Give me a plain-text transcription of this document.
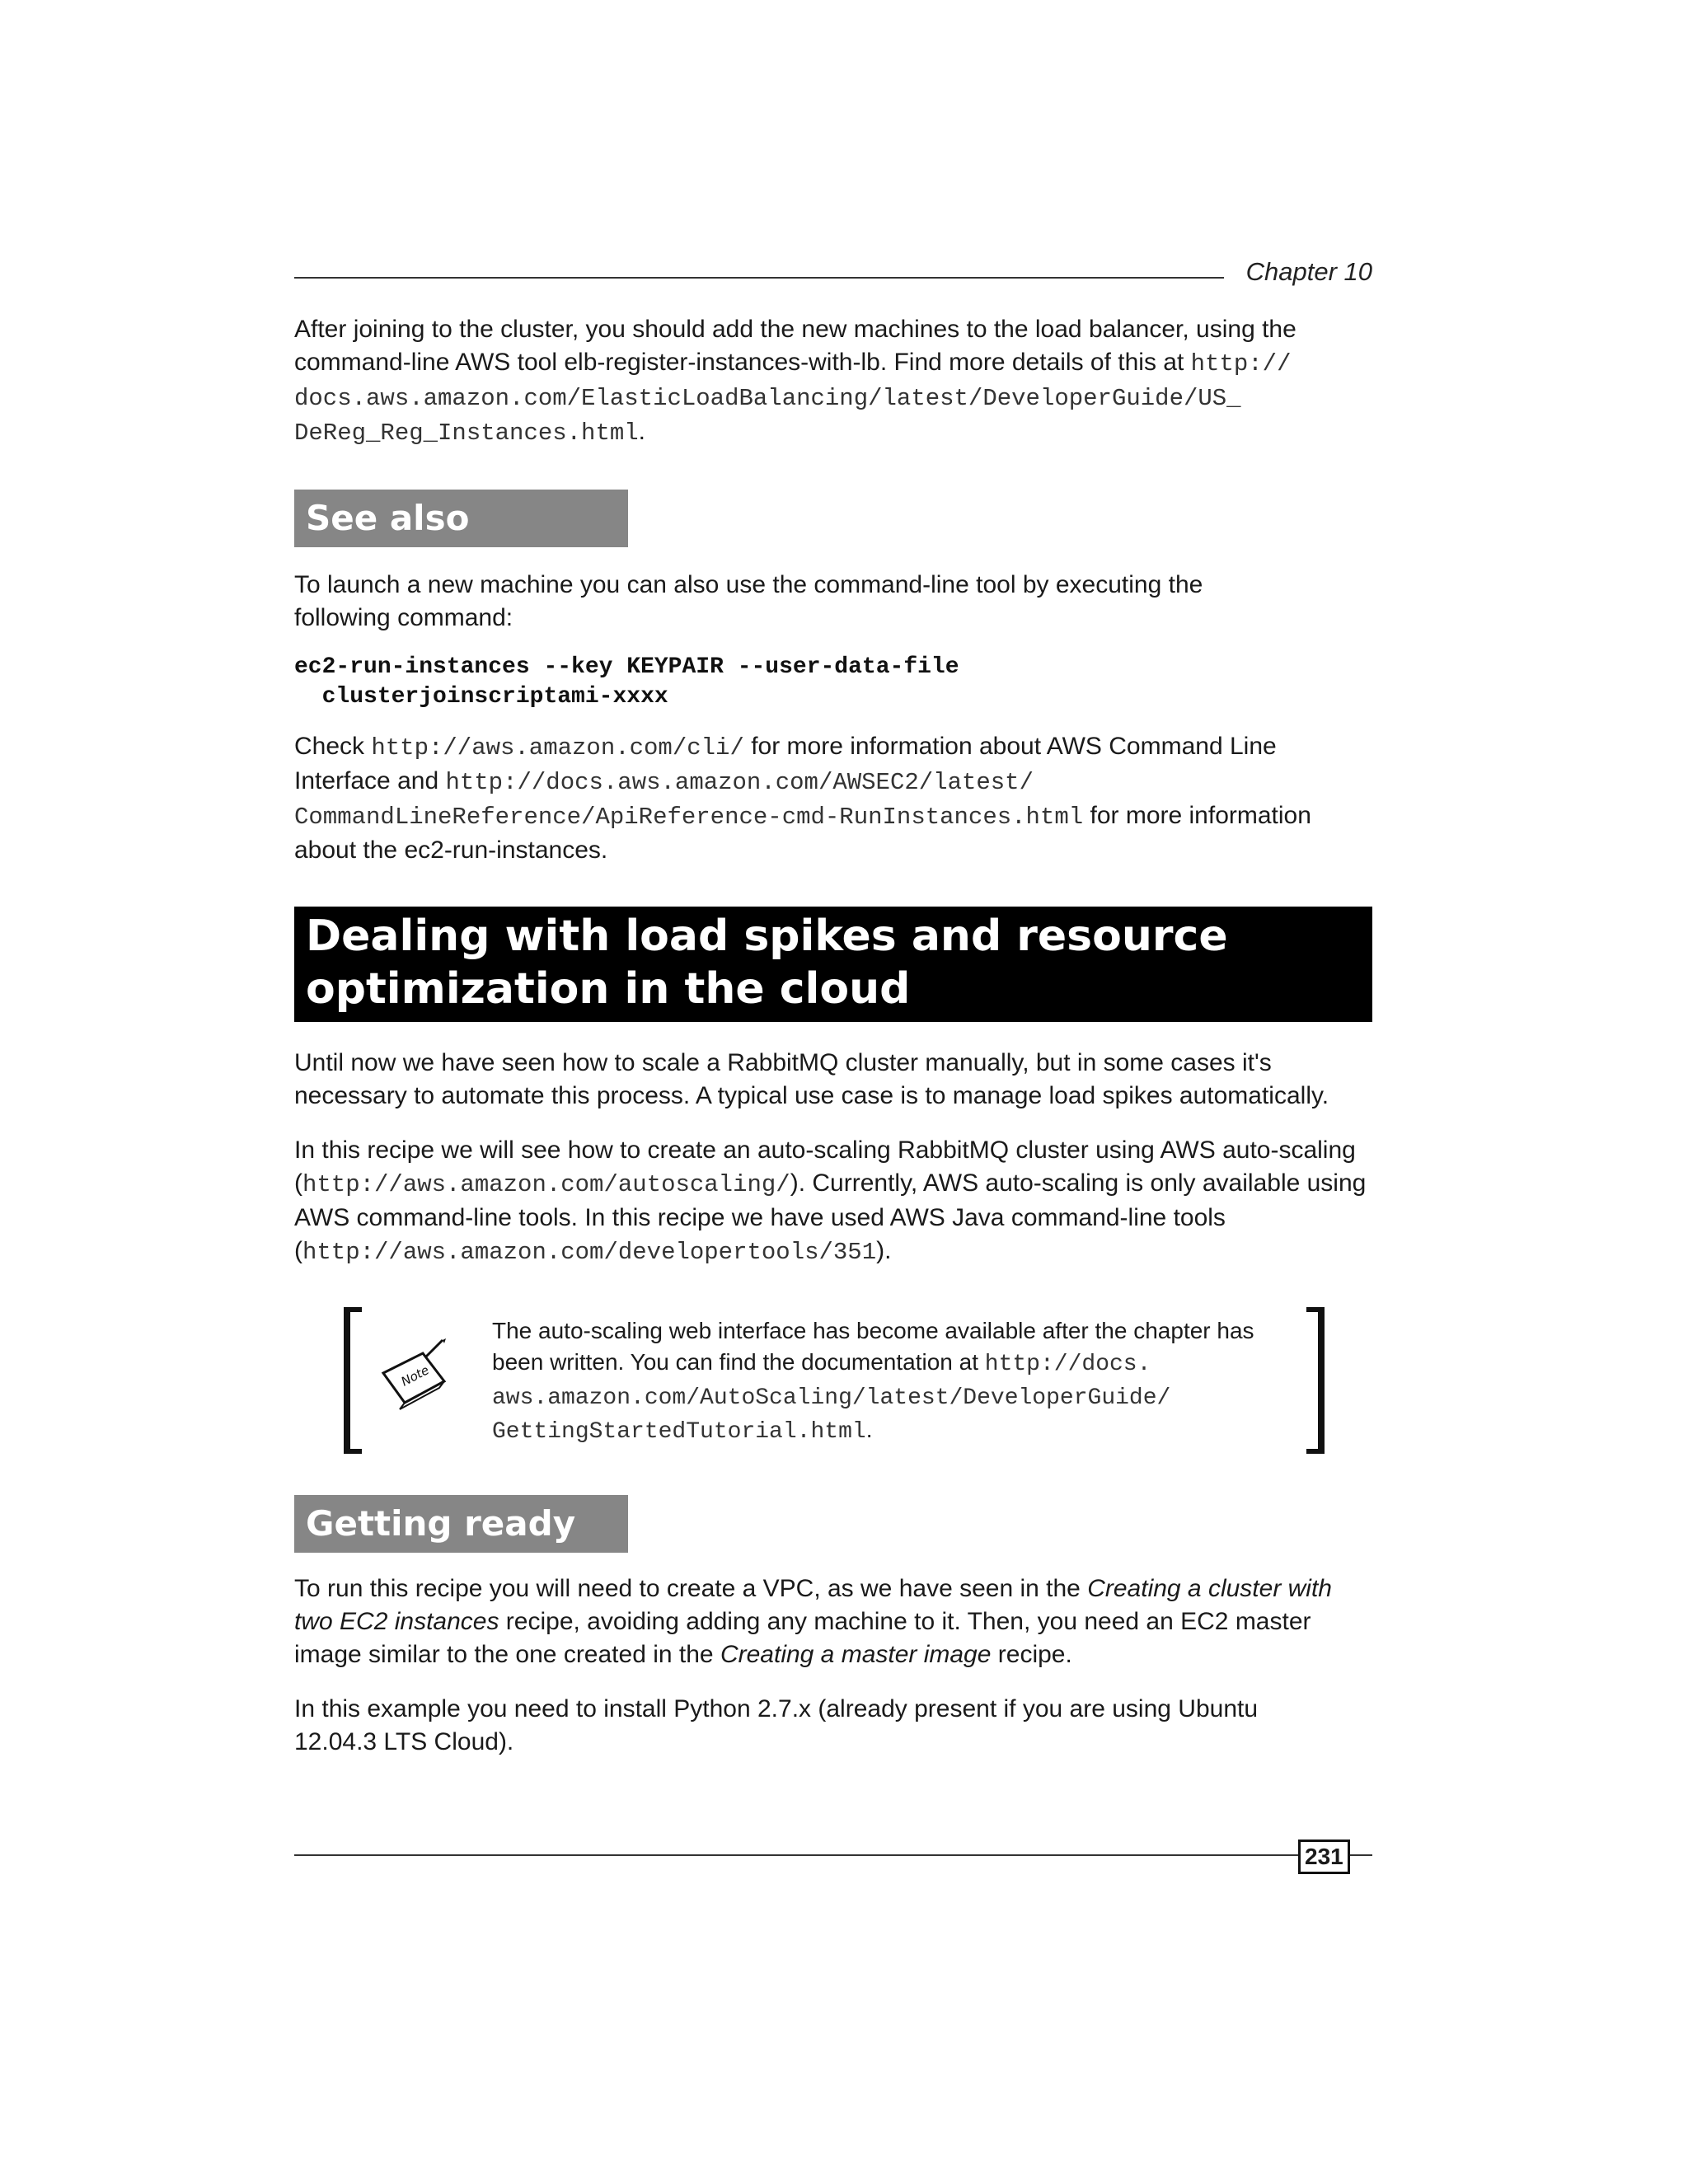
Chapter 10

After joining to the cluster, you should add the new machines to the load balancer, using the command-line AWS tool elb-register-instances-with-lb. Find more details of this at http://
docs.aws.amazon.com/ElasticLoadBalancing/latest/DeveloperGuide/US_
DeReg_Reg_Instances.html.

See also

To launch a new machine you can also use the command-line tool by executing the following command:

ec2-run-instances --key KEYPAIR --user-data-file
clusterjoinscriptami-xxxx

Check http://aws.amazon.com/cli/ for more information about AWS Command Line Interface and http://docs.aws.amazon.com/AWSEC2/latest/
CommandLineReference/ApiReference-cmd-RunInstances.html for more information about the ec2-run-instances.

Dealing with load spikes and resource
optimization in the cloud

Until now we have seen how to scale a RabbitMQ cluster manually, but in some cases it's necessary to automate this process. A typical use case is to manage load spikes automatically.

In this recipe we will see how to create an auto-scaling RabbitMQ cluster using AWS auto-scaling (http://aws.amazon.com/autoscaling/). Currently, AWS auto-scaling is only available using AWS command-line tools. In this recipe we have used AWS Java command-line tools (http://aws.amazon.com/developertools/351).

Note
The auto-scaling web interface has become available after the chapter has been written. You can find the documentation at http://docs.
aws.amazon.com/AutoScaling/latest/DeveloperGuide/
GettingStartedTutorial.html.
Getting ready

To run this recipe you will need to create a VPC, as we have seen in the Creating a cluster with two EC2 instances recipe, avoiding adding any machine to it. Then, you need an EC2 master image similar to the one created in the Creating a master image recipe.

In this example you need to install Python 2.7.x (already present if you are using Ubuntu 12.04.3 LTS Cloud).

231
